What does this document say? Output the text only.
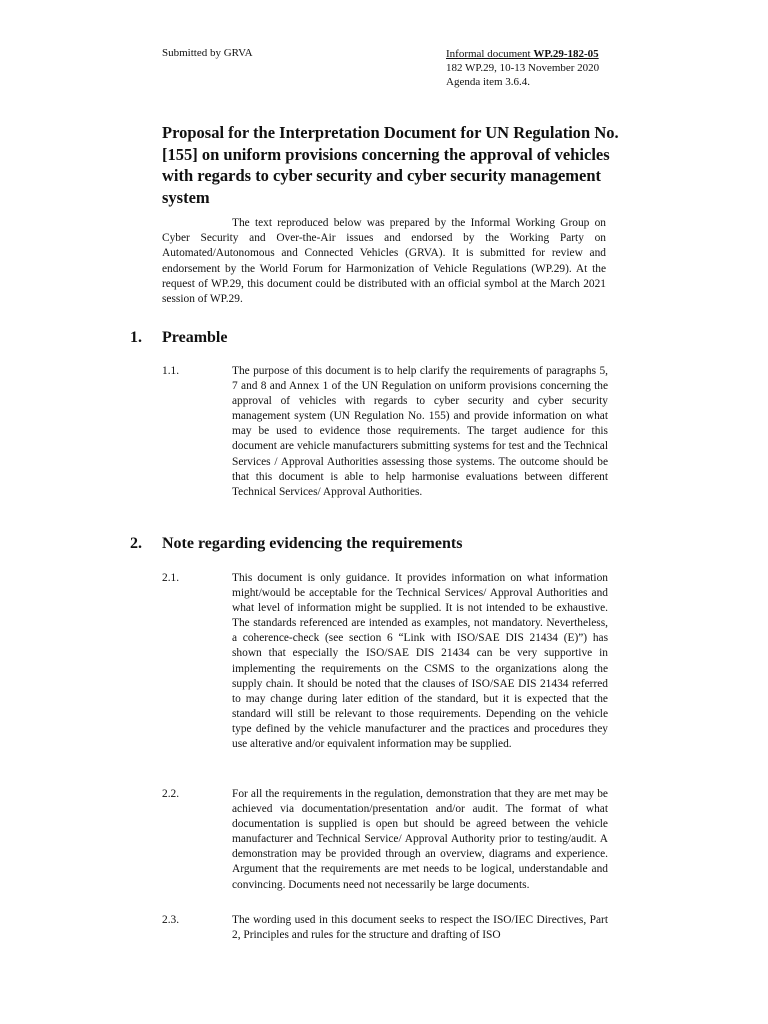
Submitted by GRVA	Informal document WP.29-182-05
182 WP.29, 10-13 November 2020
Agenda item 3.6.4.
Proposal for the Interpretation Document for UN Regulation No. [155] on uniform provisions concerning the approval of vehicles with regards to cyber security and cyber security management system

The text reproduced below was prepared by the Informal Working Group on Cyber Security and Over-the-Air issues and endorsed by the Working Party on Automated/Autonomous and Connected Vehicles (GRVA). It is submitted for review and endorsement by the World Forum for Harmonization of Vehicle Regulations (WP.29). At the request of WP.29, this document could be distributed with an official symbol at the March 2021 session of WP.29.

1.	Preamble
1.1.	The purpose of this document is to help clarify the requirements of paragraphs 5, 7 and 8 and Annex 1 of the UN Regulation on uniform provisions concerning the approval of vehicles with regards to cyber security and cyber security management system (UN Regulation No. 155) and provide information on what may be used to evidence those requirements. The target audience for this document are vehicle manufacturers submitting systems for test and the Technical Services / Approval Authorities assessing those systems. The outcome should be that this document is able to help harmonise evaluations between different Technical Services/ Approval Authorities.
2.	Note regarding evidencing the requirements
2.1.	This document is only guidance. It provides information on what information might/would be acceptable for the Technical Services/ Approval Authorities and what level of information might be supplied. It is not intended to be exhaustive. The standards referenced are intended as examples, not mandatory. Nevertheless, a coherence-check (see section 6 “Link with ISO/SAE DIS 21434 (E)”) has shown that especially the ISO/SAE DIS 21434 can be very supportive in implementing the requirements on the CSMS to the organizations along the supply chain. It should be noted that the clauses of ISO/SAE DIS 21434 referred to may change during later edition of the standard, but it is expected that the standard will still be relevant to those requirements. Depending on the vehicle type defined by the vehicle manufacturer and the practices and procedures they use alterative and/or equivalent information may be supplied.
2.2.	For all the requirements in the regulation, demonstration that they are met may be achieved via documentation/presentation and/or audit. The format of what documentation is supplied is open but should be agreed between the vehicle manufacturer and Technical Service/ Approval Authority prior to testing/audit. A demonstration may be provided through an overview, diagrams and experience. Argument that the requirements are met needs to be logical, understandable and convincing. Documents need not necessarily be large documents.
2.3.	The wording used in this document seeks to respect the ISO/IEC Directives, Part 2, Principles and rules for the structure and drafting of ISO
